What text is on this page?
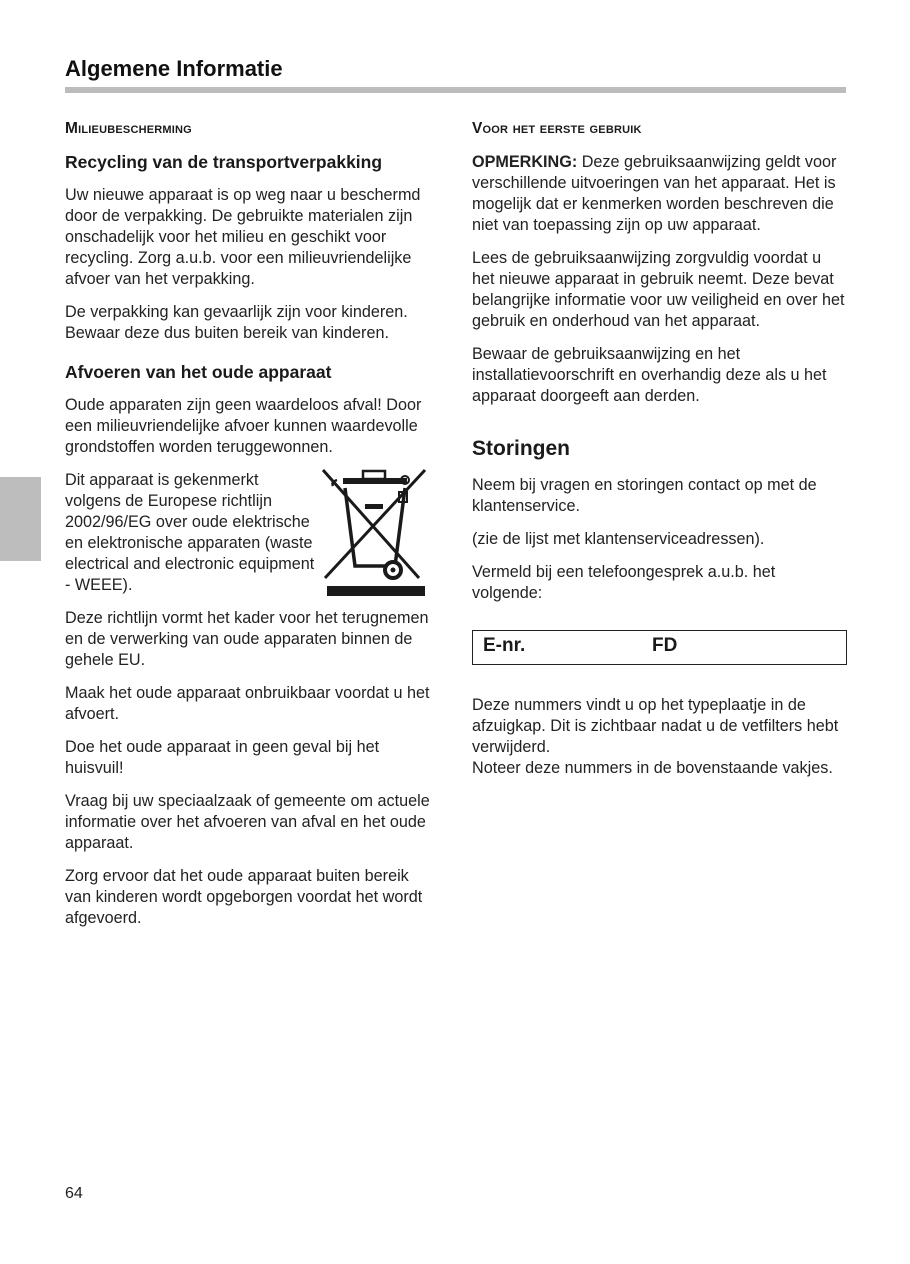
Algemene Informatie
Milieubescherming
Recycling van de transportverpakking

Uw nieuwe apparaat is op weg naar u beschermd door de verpakking. De gebruikte materialen zijn onschadelijk voor het milieu en geschikt voor recycling. Zorg a.u.b. voor een milieuvriendelijke afvoer van het verpakking.

De verpakking kan gevaarlijk zijn voor kinderen. Bewaar deze dus buiten bereik van kinderen.

Afvoeren van het oude apparaat

Oude apparaten zijn geen waardeloos afval! Door een milieuvriendelijke afvoer kunnen waardevolle grondstoffen worden teruggewonnen.

Dit apparaat is gekenmerkt volgens de Europese richtlijn 2002/96/EG over oude elektrische en elektronische apparaten (waste electrical and electronic equipment - WEEE).

Deze richtlijn vormt het kader voor het terugnemen en de verwerking van oude apparaten binnen de gehele EU.

Maak het oude apparaat onbruikbaar voordat u het afvoert.

Doe het oude apparaat in geen geval bij het huisvuil!

Vraag bij uw speciaalzaak of gemeente om actuele informatie over het afvoeren van afval en het oude apparaat.

Zorg ervoor dat het oude apparaat buiten bereik van kinderen wordt opgeborgen voordat het wordt afgevoerd.

Voor het eerste gebruik

OPMERKING: Deze gebruiksaanwijzing geldt voor verschillende uitvoeringen van het apparaat. Het is mogelijk dat er kenmerken worden beschreven die niet van toepassing zijn op uw apparaat.

Lees de gebruiksaanwijzing zorgvuldig voordat u het nieuwe apparaat in gebruik neemt. Deze bevat belangrijke informatie voor uw veiligheid en over het gebruik en onderhoud van het apparaat.

Bewaar de gebruiksaanwijzing en het installatievoorschrift en overhandig deze als u het apparaat doorgeeft aan derden.

Storingen

Neem bij vragen en storingen contact op met de klantenservice.

(zie de lijst met klantenserviceadressen).

Vermeld bij een telefoongesprek a.u.b. het volgende:

E-nr.	FD

Deze nummers vindt u op het typeplaatje in de afzuigkap. Dit is zichtbaar nadat u de vetfilters hebt verwijderd.

Noteer deze nummers in de bovenstaande vakjes.

64
